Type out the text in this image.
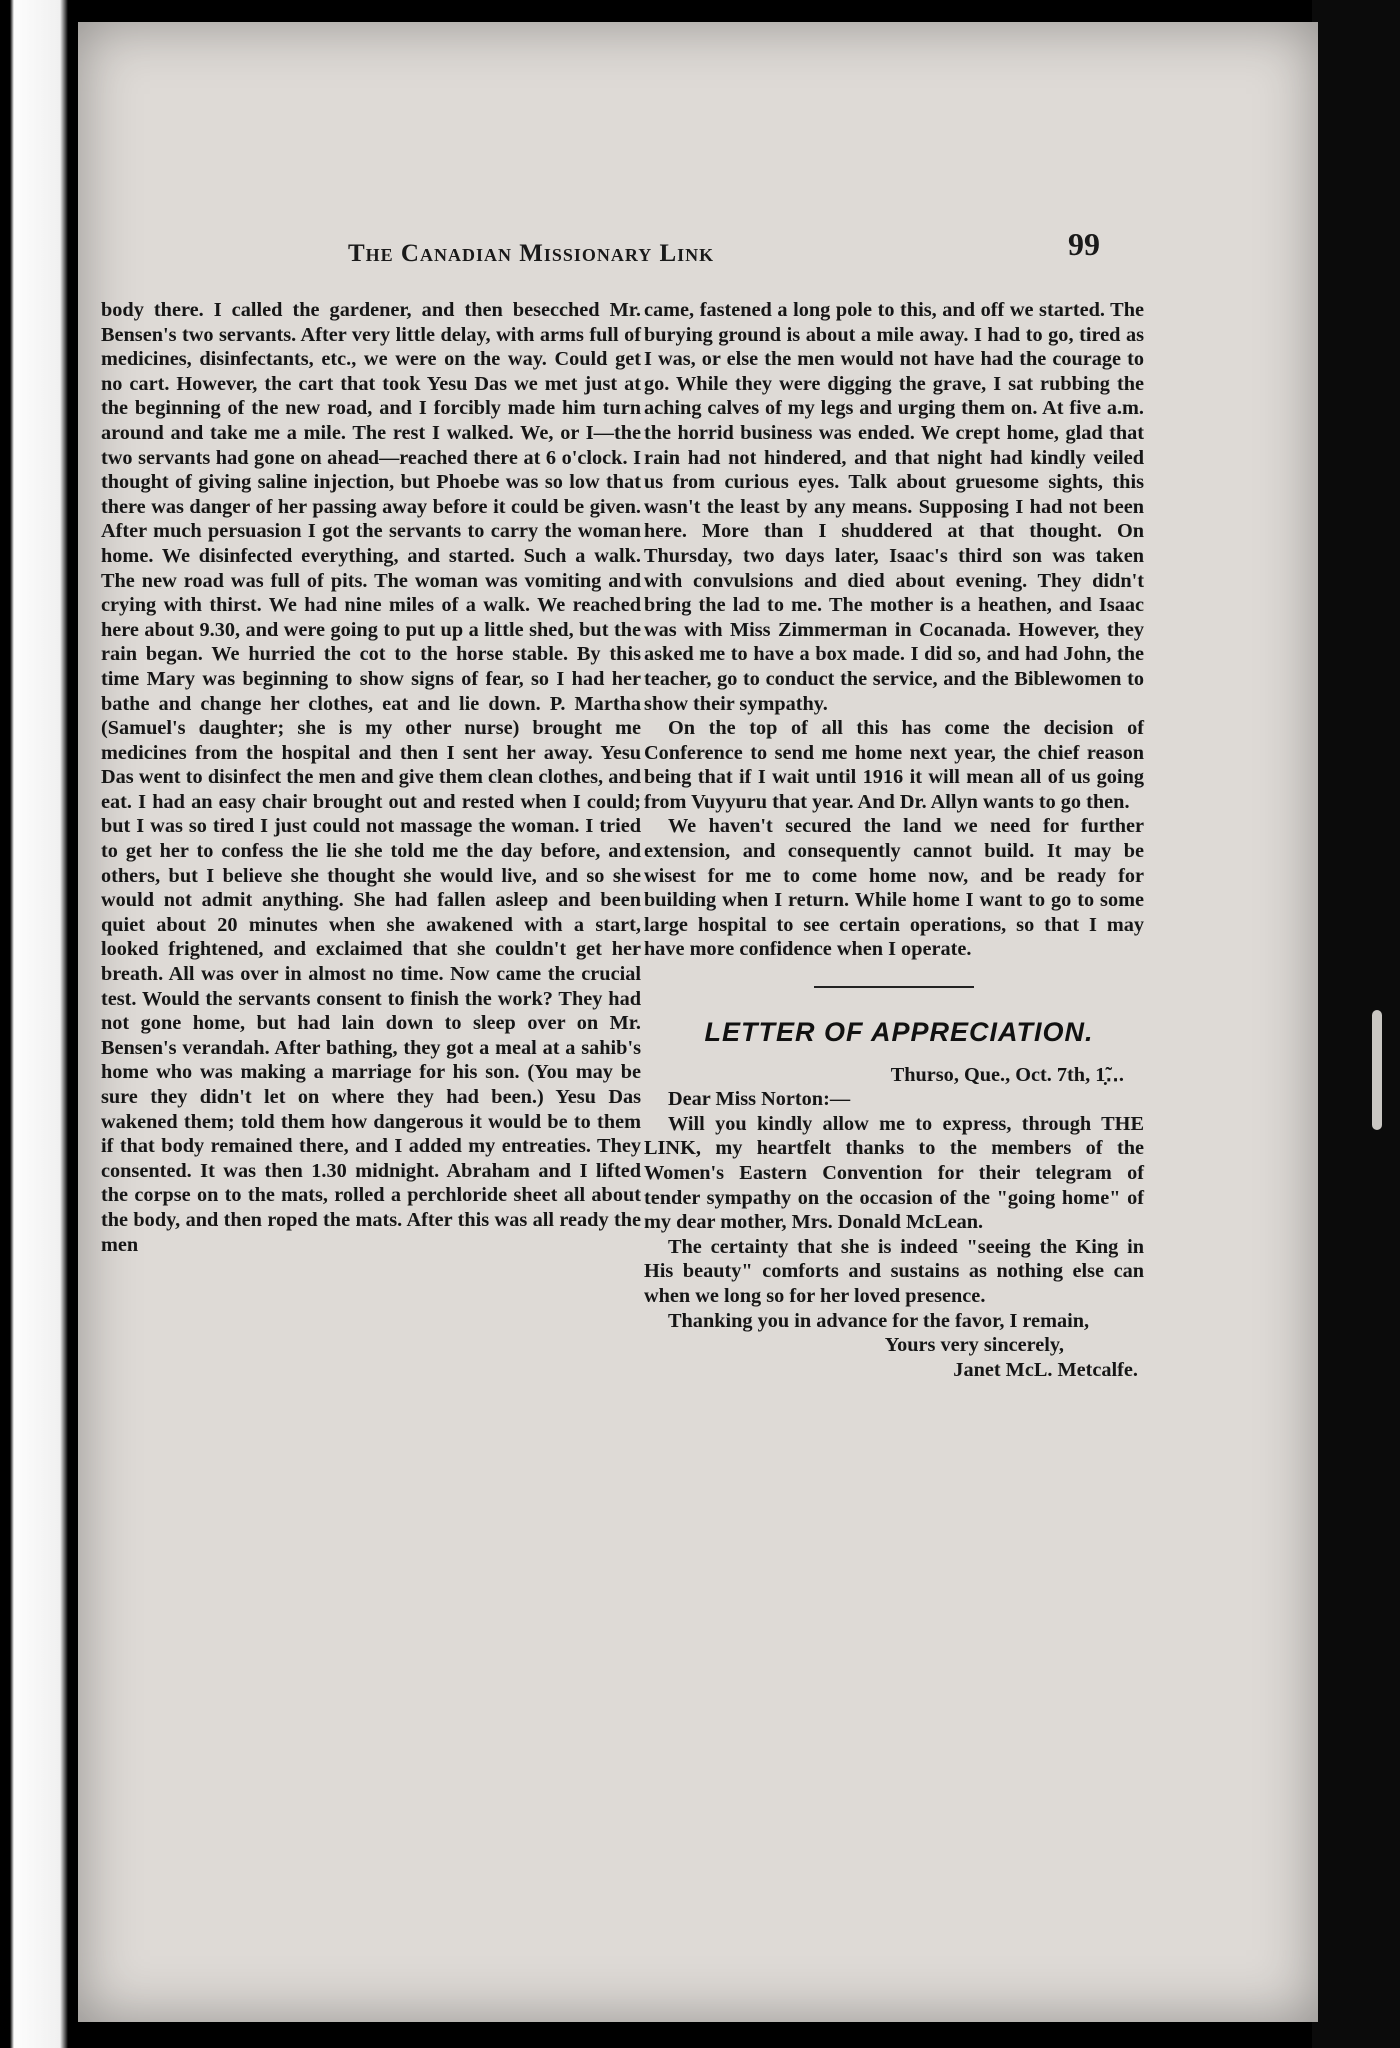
The Canadian Missionary Link	99

body there. I called the gardener, and then besecched Mr. Bensen's two servants. After very little delay, with arms full of medicines, disinfectants, etc., we were on the way. Could get no cart. However, the cart that took Yesu Das we met just at the beginning of the new road, and I forcibly made him turn around and take me a mile. The rest I walked. We, or I—the two servants had gone on ahead—reached there at 6 o'clock. I thought of giving saline injection, but Phoebe was so low that there was danger of her passing away before it could be given. After much persuasion I got the servants to carry the woman home. We disinfected everything, and started. Such a walk. The new road was full of pits. The woman was vomiting and crying with thirst. We had nine miles of a walk. We reached here about 9.30, and were going to put up a little shed, but the rain began. We hurried the cot to the horse stable. By this time Mary was beginning to show signs of fear, so I had her bathe and change her clothes, eat and lie down. P. Martha (Samuel's daughter; she is my other nurse) brought me medicines from the hospital and then I sent her away. Yesu Das went to disinfect the men and give them clean clothes, and eat. I had an easy chair brought out and rested when I could; but I was so tired I just could not massage the woman. I tried to get her to confess the lie she told me the day before, and others, but I believe she thought she would live, and so she would not admit anything. She had fallen asleep and been quiet about 20 minutes when she awakened with a start, looked frightened, and exclaimed that she couldn't get her breath. All was over in almost no time. Now came the crucial test. Would the servants consent to finish the work? They had not gone home, but had lain down to sleep over on Mr. Bensen's verandah. After bathing, they got a meal at a sahib's home who was making a marriage for his son. (You may be sure they didn't let on where they had been.) Yesu Das wakened them; told them how dangerous it would be to them if that body remained there, and I added my entreaties. They consented. It was then 1.30 midnight. Abraham and I lifted the corpse on to the mats, rolled a perchloride sheet all about the body, and then roped the mats. After this was all ready the men

came, fastened a long pole to this, and off we started. The burying ground is about a mile away. I had to go, tired as I was, or else the men would not have had the courage to go. While they were digging the grave, I sat rubbing the aching calves of my legs and urging them on. At five a.m. the horrid business was ended. We crept home, glad that rain had not hindered, and that night had kindly veiled us from curious eyes. Talk about gruesome sights, this wasn't the least by any means. Supposing I had not been here. More than I shuddered at that thought. On Thursday, two days later, Isaac's third son was taken with convulsions and died about evening. They didn't bring the lad to me. The mother is a heathen, and Isaac was with Miss Zimmerman in Cocanada. However, they asked me to have a box made. I did so, and had John, the teacher, go to conduct the service, and the Biblewomen to show their sympathy.

On the top of all this has come the decision of Conference to send me home next year, the chief reason being that if I wait until 1916 it will mean all of us going from Vuyyuru that year. And Dr. Allyn wants to go then.

We haven't secured the land we need for further extension, and consequently cannot build. It may be wisest for me to come home now, and be ready for building when I return. While home I want to go to some large hospital to see certain operations, so that I may have more confidence when I operate.

LETTER OF APPRECIATION.

Thurso, Que., Oct. 7th, 1̣̃․․.

Dear Miss Norton:—

Will you kindly allow me to express, through THE LINK, my heartfelt thanks to the members of the Women's Eastern Convention for their telegram of tender sympathy on the occasion of the "going home" of my dear mother, Mrs. Donald McLean.

The certainty that she is indeed "seeing the King in His beauty" comforts and sustains as nothing else can when we long so for her loved presence.

Thanking you in advance for the favor, I remain,

Yours very sincerely,

Janet McL. Metcalfe.
